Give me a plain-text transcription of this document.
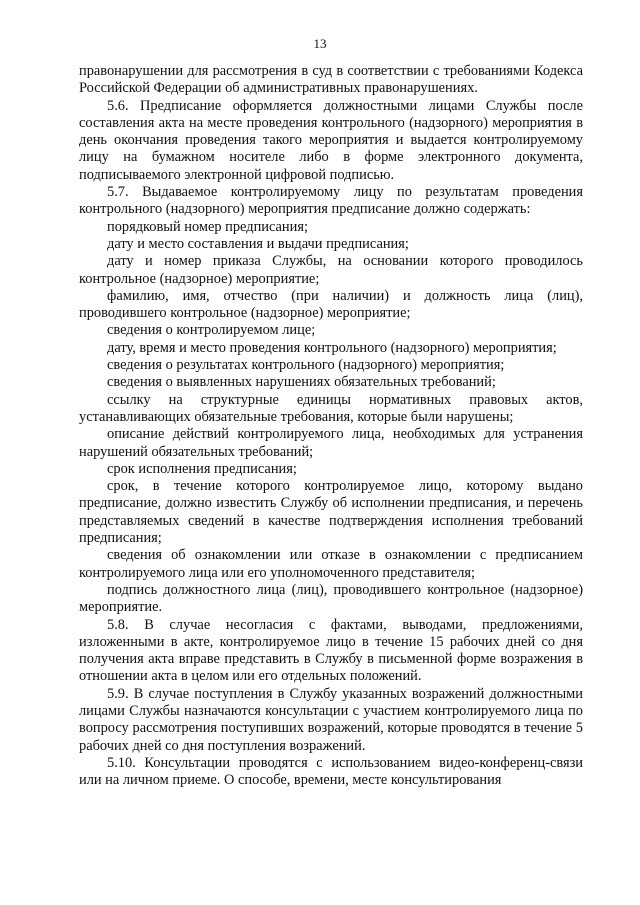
13

правонарушении для рассмотрения в суд в соответствии с требованиями Кодекса Российской Федерации об административных правонарушениях.

5.6. Предписание оформляется должностными лицами Службы после составления акта на месте проведения контрольного (надзорного) мероприятия в день окончания проведения такого мероприятия и выдается контролируемому лицу на бумажном носителе либо в форме электронного документа, подписываемого электронной цифровой подписью.

5.7. Выдаваемое контролируемому лицу по результатам проведения контрольного (надзорного) мероприятия предписание должно содержать:

порядковый номер предписания;

дату и место составления и выдачи предписания;

дату и номер приказа Службы, на основании которого проводилось контрольное (надзорное) мероприятие;

фамилию, имя, отчество (при наличии) и должность лица (лиц), проводившего контрольное (надзорное) мероприятие;

сведения о контролируемом лице;

дату, время и место проведения контрольного (надзорного) мероприятия;

сведения о результатах контрольного (надзорного) мероприятия;

сведения о выявленных нарушениях обязательных требований;

ссылку на структурные единицы нормативных правовых актов, устанавливающих обязательные требования, которые были нарушены;

описание действий контролируемого лица, необходимых для устранения нарушений обязательных требований;

срок исполнения предписания;

срок, в течение которого контролируемое лицо, которому выдано предписание, должно известить Службу об исполнении предписания, и перечень представляемых сведений в качестве подтверждения исполнения требований предписания;

сведения об ознакомлении или отказе в ознакомлении с предписанием контролируемого лица или его уполномоченного представителя;

подпись должностного лица (лиц), проводившего контрольное (надзорное) мероприятие.

5.8. В случае несогласия с фактами, выводами, предложениями, изложенными в акте, контролируемое лицо в течение 15 рабочих дней со дня получения акта вправе представить в Службу в письменной форме возражения в отношении акта в целом или его отдельных положений.

5.9. В случае поступления в Службу указанных возражений должностными лицами Службы назначаются консультации с участием контролируемого лица по вопросу рассмотрения поступивших возражений, которые проводятся в течение 5 рабочих дней со дня поступления возражений.

5.10. Консультации проводятся с использованием видео-конференц-связи или на личном приеме. О способе, времени, месте консультирования
